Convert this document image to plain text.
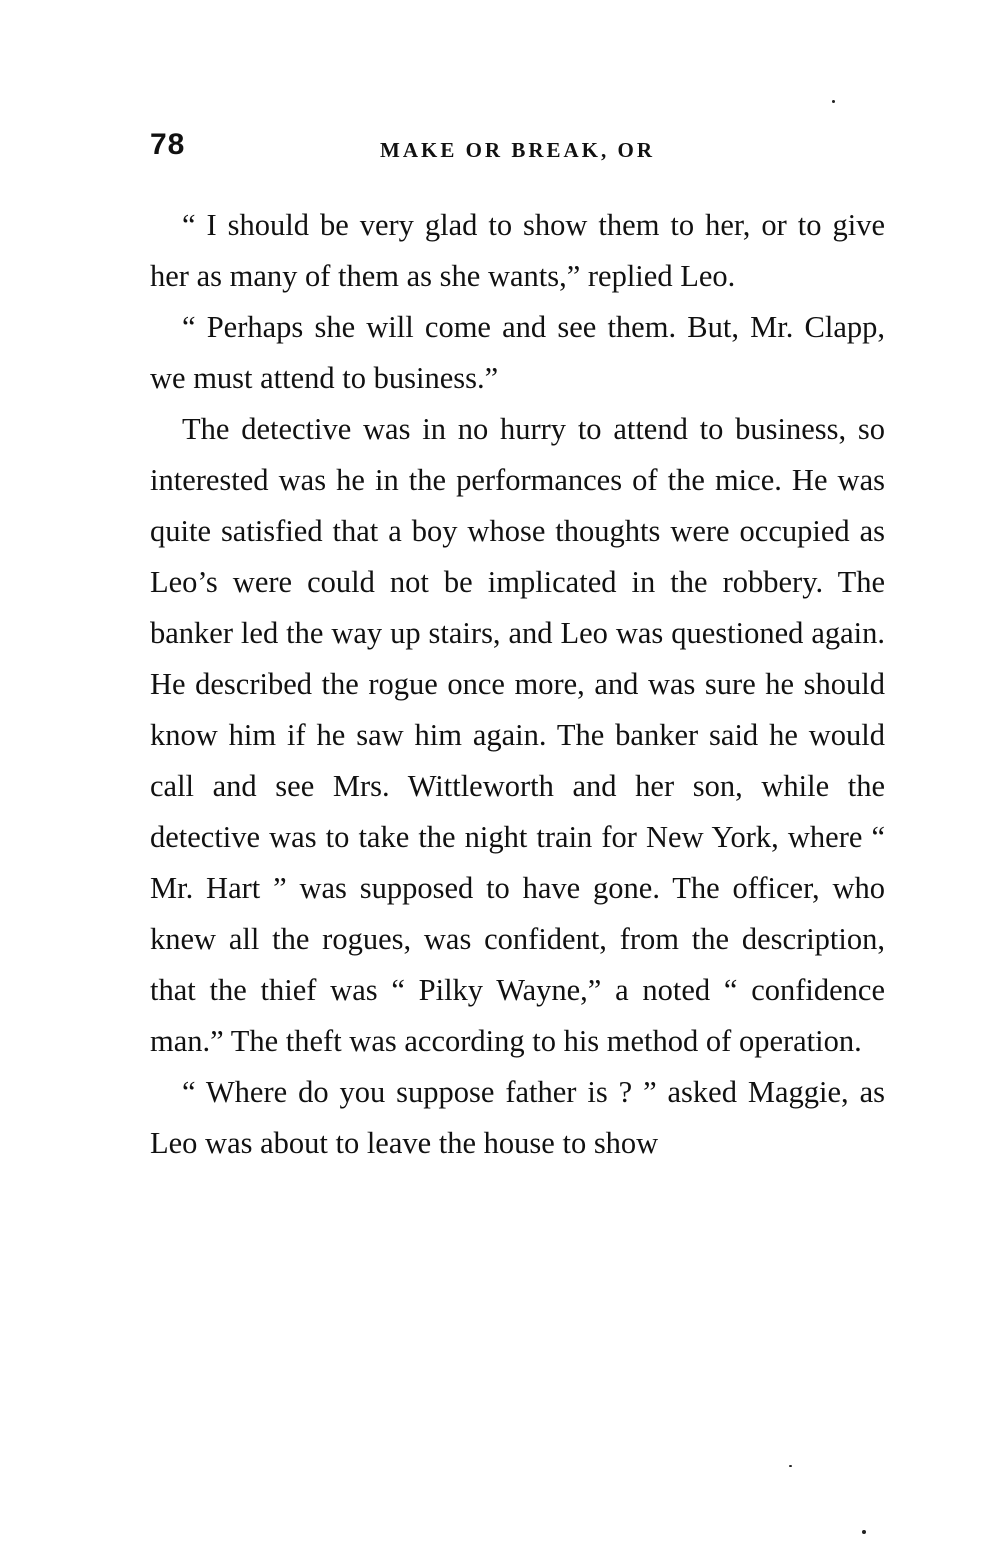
78	MAKE OR BREAK, OR

“ I should be very glad to show them to her, or to give her as many of them as she wants,” replied Leo.

“ Perhaps she will come and see them. But, Mr. Clapp, we must attend to business.”

The detective was in no hurry to attend to business, so interested was he in the performances of the mice. He was quite satisfied that a boy whose thoughts were occupied as Leo’s were could not be implicated in the robbery. The banker led the way up stairs, and Leo was questioned again. He described the rogue once more, and was sure he should know him if he saw him again. The banker said he would call and see Mrs. Wittleworth and her son, while the detective was to take the night train for New York, where “ Mr. Hart ” was supposed to have gone. The officer, who knew all the rogues, was confident, from the description, that the thief was “ Pilky Wayne,” a noted “ confidence man.” The theft was according to his method of operation.

“ Where do you suppose father is ? ” asked Maggie, as Leo was about to leave the house to show
